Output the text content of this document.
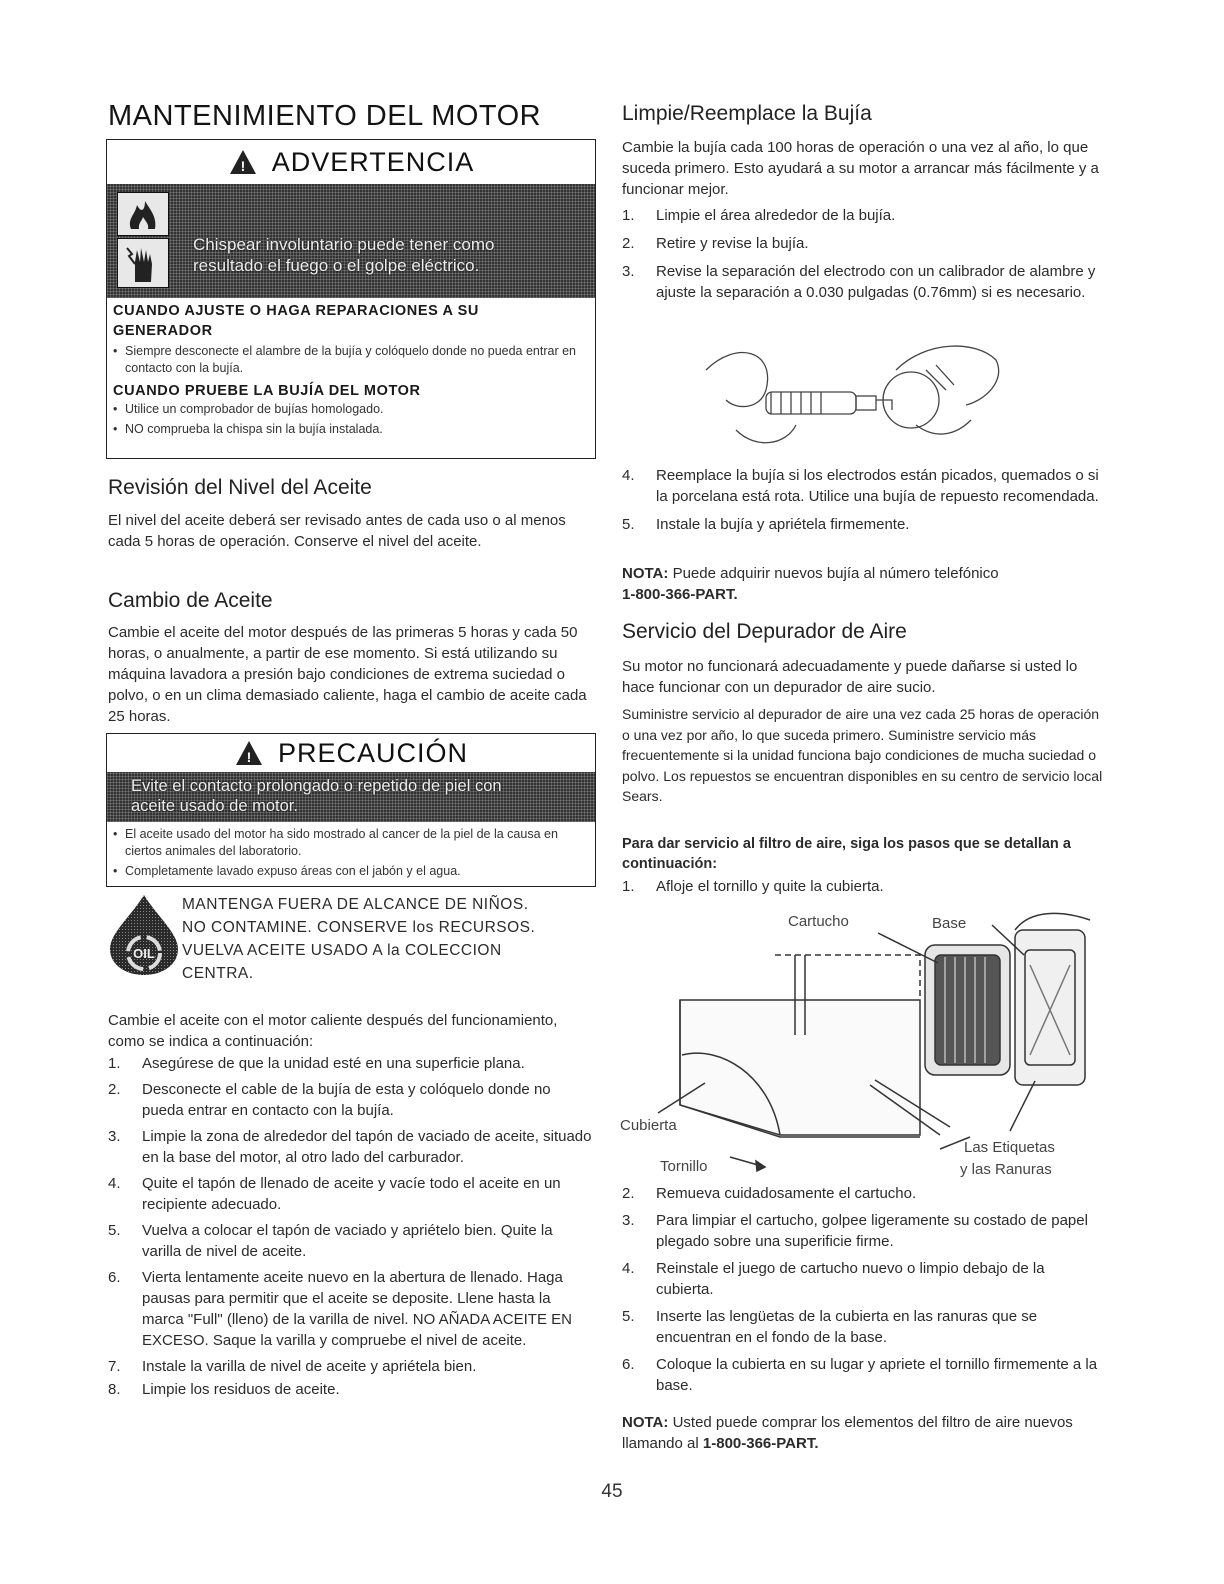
MANTENIMIENTO DEL MOTOR
! ADVERTENCIA
Chispear involuntario puede tener como
resultado el fuego o el golpe eléctrico.
CUANDO AJUSTE O HAGA REPARACIONES A SU
GENERADOR
• Siempre desconecte el alambre de la bujía y colóquelo donde no pueda entrar en contacto con la bujía.
CUANDO PRUEBE LA BUJÍA DEL MOTOR
• Utilice un comprobador de bujías homologado.
• NO comprueba la chispa sin la bujía instalada.
Revisión del Nivel del Aceite

El nivel del aceite deberá ser revisado antes de cada uso o al menos cada 5 horas de operación. Conserve el nivel del aceite.

Cambio de Aceite

Cambie el aceite del motor después de las primeras 5 horas y cada 50 horas, o anualmente, a partir de ese momento. Si está utilizando su máquina lavadora a presión bajo condiciones de extrema suciedad o polvo, o en un clima demasiado caliente, haga el cambio de aceite cada 25 horas.

! PRECAUCIÓN
Evite el contacto prolongado o repetido de piel con
aceite usado de motor.
• El aceite usado del motor ha sido mostrado al cancer de la piel de la causa en ciertos animales del laboratorio.
• Completamente lavado expuso áreas con el jabón y el agua.
OIL
MANTENGA FUERA DE ALCANCE DE NIÑOS.
NO CONTAMINE. CONSERVE los RECURSOS.
VUELVA ACEITE USADO A la COLECCION
CENTRA.

Cambie el aceite con el motor caliente después del funcionamiento, como se indica a continuación:

1. Asegúrese de que la unidad esté en una superficie plana.
2. Desconecte el cable de la bujía de esta y colóquelo donde no pueda entrar en contacto con la bujía.
3. Limpie la zona de alrededor del tapón de vaciado de aceite, situado en la base del motor, al otro lado del carburador.
4. Quite el tapón de llenado de aceite y vacíe todo el aceite en un recipiente adecuado.
5. Vuelva a colocar el tapón de vaciado y apriételo bien. Quite la varilla de nivel de aceite.
6. Vierta lentamente aceite nuevo en la abertura de llenado. Haga pausas para permitir que el aceite se deposite. Llene hasta la marca "Full" (lleno) de la varilla de nivel. NO AÑADA ACEITE EN EXCESO. Saque la varilla y compruebe el nivel de aceite.
7. Instale la varilla de nivel de aceite y apriétela bien.
8. Limpie los residuos de aceite.
Limpie/Reemplace la Bujía

Cambie la bujía cada 100 horas de operación o una vez al año, lo que suceda primero. Esto ayudará a su motor a arrancar más fácilmente y a funcionar mejor.

1. Limpie el área alrededor de la bujía.
2. Retire y revise la bujía.
3. Revise la separación del electrodo con un calibrador de alambre y ajuste la separación a 0.030 pulgadas (0.76mm) si es necesario.
4. Reemplace la bujía si los electrodos están picados, quemados o si la porcelana está rota. Utilice una bujía de repuesto recomendada.
5. Instale la bujía y apriétela firmemente.

NOTA: Puede adquirir nuevos bujía al número telefónico
1-800-366-PART.

Servicio del Depurador de Aire

Su motor no funcionará adecuadamente y puede dañarse si usted lo hace funcionar con un depurador de aire sucio.

Suministre servicio al depurador de aire una vez cada 25 horas de operación o una vez por año, lo que suceda primero. Suministre servicio más frecuentemente si la unidad funciona bajo condiciones de mucha suciedad o polvo. Los repuestos se encuentran disponibles en su centro de servicio local Sears.

Para dar servicio al filtro de aire, siga los pasos que se detallan a continuación:

1. Afloje el tornillo y quite la cubierta.
Cartucho	Base
Cubierta
Tornillo
Las Etiquetas
y las Ranuras
2. Remueva cuidadosamente el cartucho.
3. Para limpiar el cartucho, golpee ligeramente su costado de papel plegado sobre una superificie firme.
4. Reinstale el juego de cartucho nuevo o limpio debajo de la cubierta.
5. Inserte las lengüetas de la cubierta en las ranuras que se encuentran en el fondo de la base.
6. Coloque la cubierta en su lugar y apriete el tornillo firmemente a la base.

NOTA: Usted puede comprar los elementos del filtro de aire nuevos llamando al 1-800-366-PART.

45
